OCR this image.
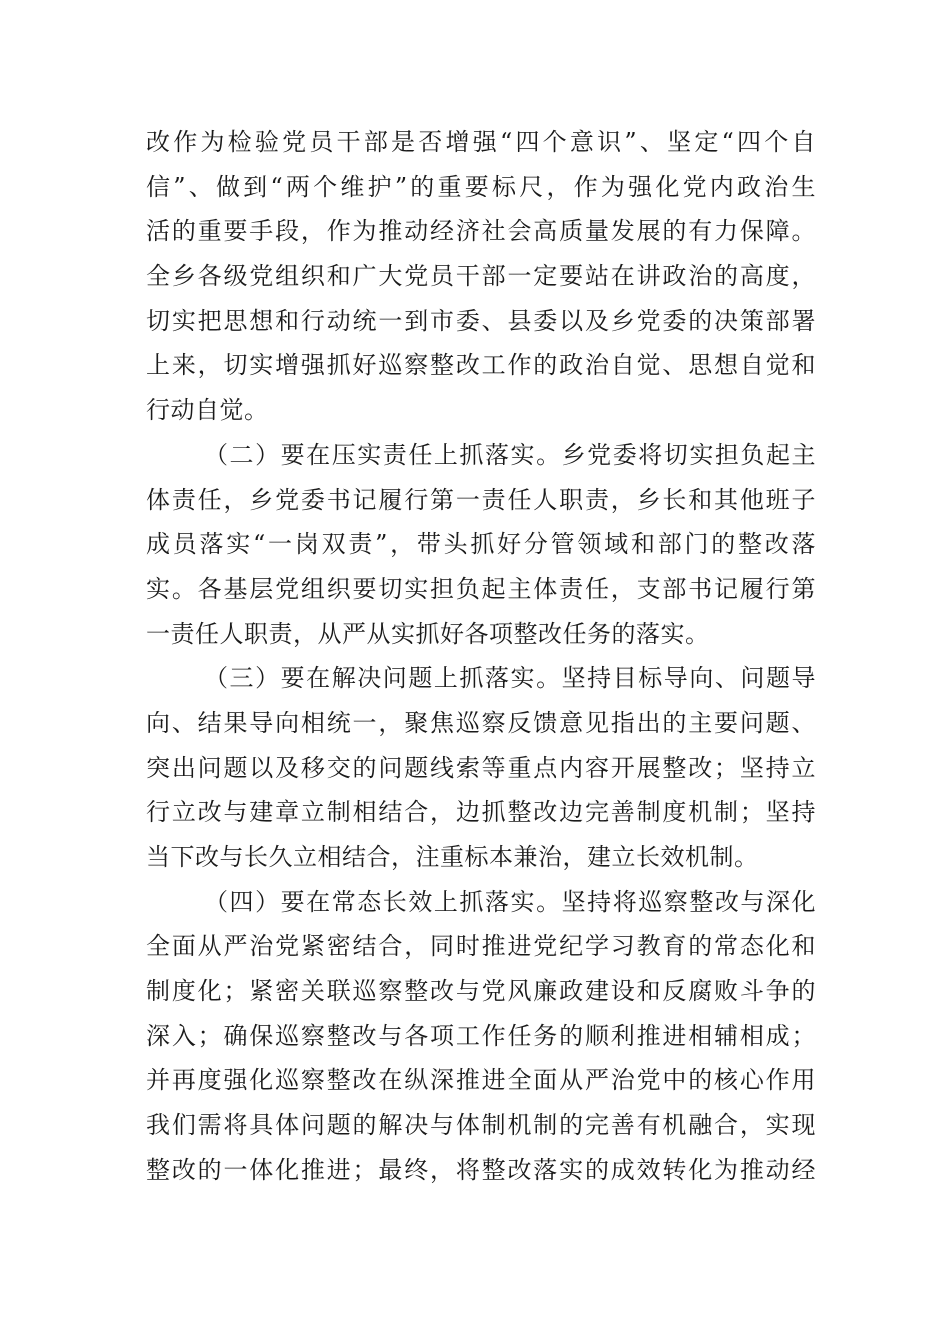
改作为检验党员干部是否增强“四个意识”、坚定“四个自
信”、做到“两个维护”的重要标尺，作为强化党内政治生
活的重要手段，作为推动经济社会高质量发展的有力保障。
全乡各级党组织和广大党员干部一定要站在讲政治的高度，
切实把思想和行动统一到市委、县委以及乡党委的决策部署
上来，切实增强抓好巡察整改工作的政治自觉、思想自觉和
行动自觉。
（二）要在压实责任上抓落实。乡党委将切实担负起主
体责任，乡党委书记履行第一责任人职责，乡长和其他班子
成员落实“一岗双责”，带头抓好分管领域和部门的整改落
实。各基层党组织要切实担负起主体责任，支部书记履行第
一责任人职责，从严从实抓好各项整改任务的落实。
（三）要在解决问题上抓落实。坚持目标导向、问题导
向、结果导向相统一，聚焦巡察反馈意见指出的主要问题、
突出问题以及移交的问题线索等重点内容开展整改；坚持立
行立改与建章立制相结合，边抓整改边完善制度机制；坚持
当下改与长久立相结合，注重标本兼治，建立长效机制。
（四）要在常态长效上抓落实。坚持将巡察整改与深化
全面从严治党紧密结合，同时推进党纪学习教育的常态化和
制度化；紧密关联巡察整改与党风廉政建设和反腐败斗争的
深入；确保巡察整改与各项工作任务的顺利推进相辅相成；
并再度强化巡察整改在纵深推进全面从严治党中的核心作用
我们需将具体问题的解决与体制机制的完善有机融合，实现
整改的一体化推进；最终，将整改落实的成效转化为推动经
